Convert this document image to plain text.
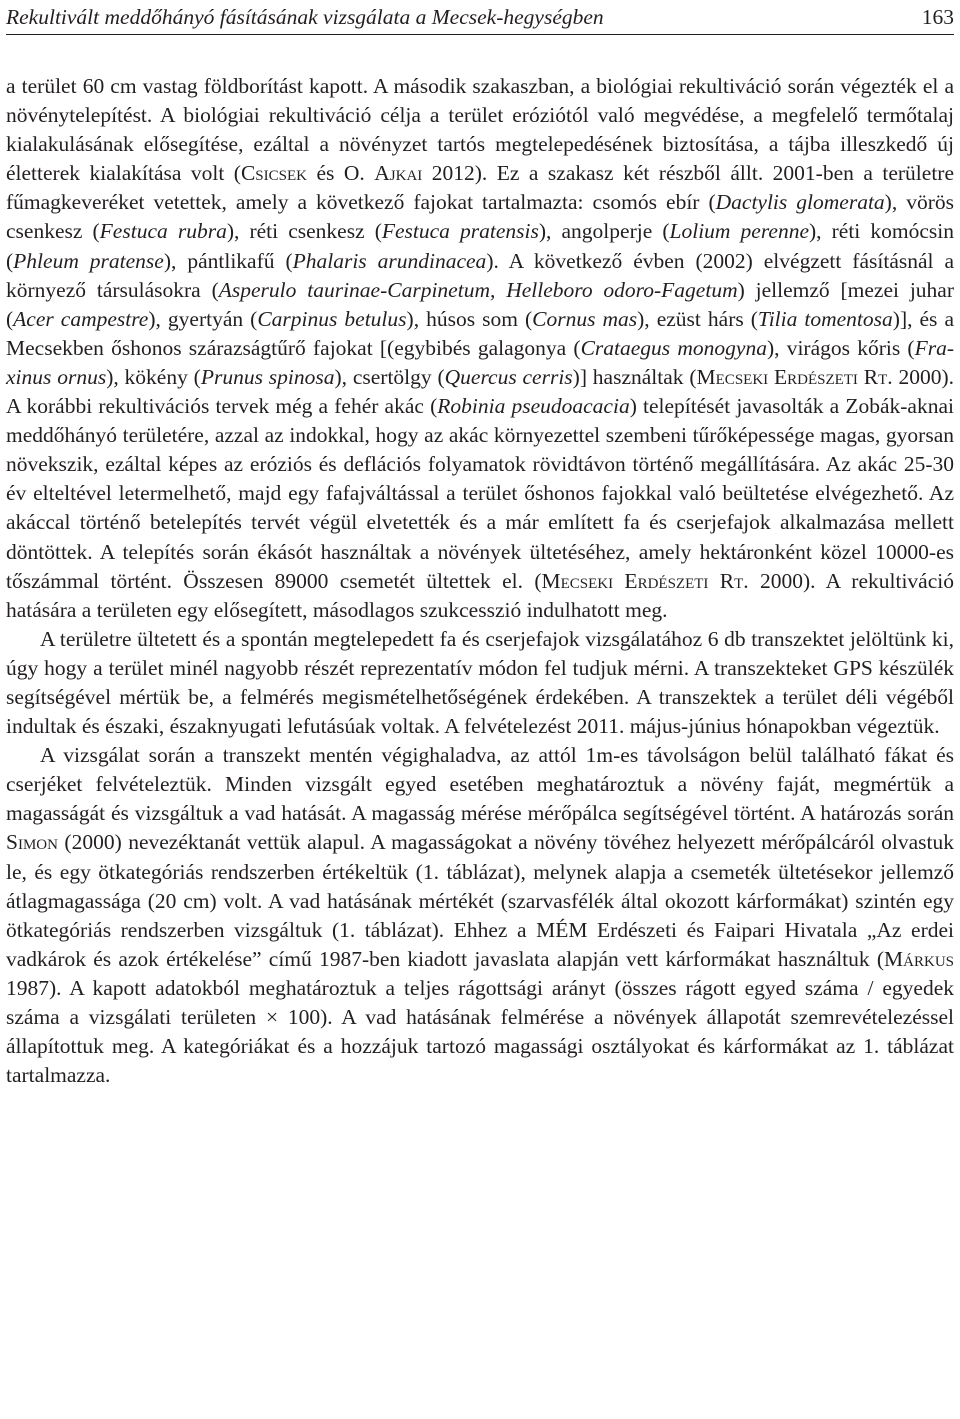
Rekultivált meddőhányó fásításának vizsgálata a Mecsek-hegységben	163

a terület 60 cm vastag földborítást kapott. A második szakaszban, a biológiai rekultiváció során végezték el a növénytelepítést. A biológiai rekultiváció célja a terület eróziótól való megvédése, a megfelelő termőtalaj kialakulásának elősegítése, ezáltal a növényzet tartós megtelepedésének biztosítása, a tájba illeszkedő új életterek kialakítása volt (Csicsek és O. Ajkai 2012). Ez a szakasz két részből állt. 2001-ben a területre fűmagkeveréket vetettek, amely a következő fajokat tartalmazta: csomós ebír (Dactylis glomerata), vörös csenkesz (Festuca rubra), réti csenkesz (Festuca pratensis), angolperje (Lolium perenne), réti komócsin (Phleum pratense), pántlikafű (Phalaris arundinacea). A következő évben (2002) elvégzett fásításnál a környező társulásokra (Asperulo taurinae-Carpinetum, Helleboro odoro-Fagetum) jellemző [mezei juhar (Acer campestre), gyertyán (Carpinus betulus), húsos som (Cornus mas), ezüst hárs (Tilia tomentosa)], és a Mecsekben őshonos szárazságtűrő fajokat [(egybibés galagonya (Crataegus monogyna), virágos kőris (Fraxinus ornus), kökény (Prunus spinosa), csertölgy (Quercus cerris)] használtak (Mecseki Erdészeti Rt. 2000). A korábbi rekultivációs tervek még a fehér akác (Robinia pseudoacacia) telepítését javasolták a Zobák-aknai meddőhányó területére, azzal az indokkal, hogy az akác környezettel szembeni tűrőképessége magas, gyorsan növekszik, ezáltal képes az eróziós és deflációs folyamatok rövidtávon történő megállítására. Az akác 25-30 év elteltével letermelhető, majd egy fafajváltással a terület őshonos fajokkal való beültetése elvégezhető. Az akáccal történő betelepítés tervét végül elvetették és a már említett fa és cserjefajok alkalmazása mellett döntöttek. A telepítés során ékásót használtak a növények ültetéséhez, amely hektáronként közel 10000-es tőszámmal történt. Összesen 89000 csemetét ültettek el. (Mecseki Erdészeti Rt. 2000). A rekultiváció hatására a területen egy elősegített, másodlagos szukcesszió indulhatott meg.

A területre ültetett és a spontán megtelepedett fa és cserjefajok vizsgálatához 6 db transzektet jelöltünk ki, úgy hogy a terület minél nagyobb részét reprezentatív módon fel tudjuk mérni. A transzekteket GPS készülék segítségével mértük be, a felmérés megismételhetőségének érdekében. A transzektek a terület déli végéből indultak és északi, északnyugati lefutásúak voltak. A felvételezést 2011. május-június hónapokban végeztük.

A vizsgálat során a transzekt mentén végighaladva, az attól 1m-es távolságon belül található fákat és cserjéket felvételeztük. Minden vizsgált egyed esetében meghatároztuk a növény faját, megmértük a magasságát és vizsgáltuk a vad hatását. A magasság mérése mérőpálca segítségével történt. A határozás során Simon (2000) nevezéktanát vettük alapul. A magasságokat a növény tövéhez helyezett mérőpálcáról olvastuk le, és egy ötkategóriás rendszerben értékeltük (1. táblázat), melynek alapja a csemeték ültetésekor jellemző átlagmagassága (20 cm) volt. A vad hatásának mértékét (szarvasfélék által okozott kárformákat) szintén egy ötkategóriás rendszerben vizsgáltuk (1. táblázat). Ehhez a MÉM Erdészeti és Faipari Hivatala „Az erdei vadkárok és azok értékelése” című 1987-ben kiadott javaslata alapján vett kárformákat használtuk (Márkus 1987). A kapott adatokból meghatároztuk a teljes rágottsági arányt (összes rágott egyed száma / egyedek száma a vizsgálati területen × 100). A vad hatásának felmérése a növények állapotát szemrevételezéssel állapítottuk meg. A kategóriákat és a hozzájuk tartozó magassági osztályokat és kárformákat az 1. táblázat tartalmazza.
